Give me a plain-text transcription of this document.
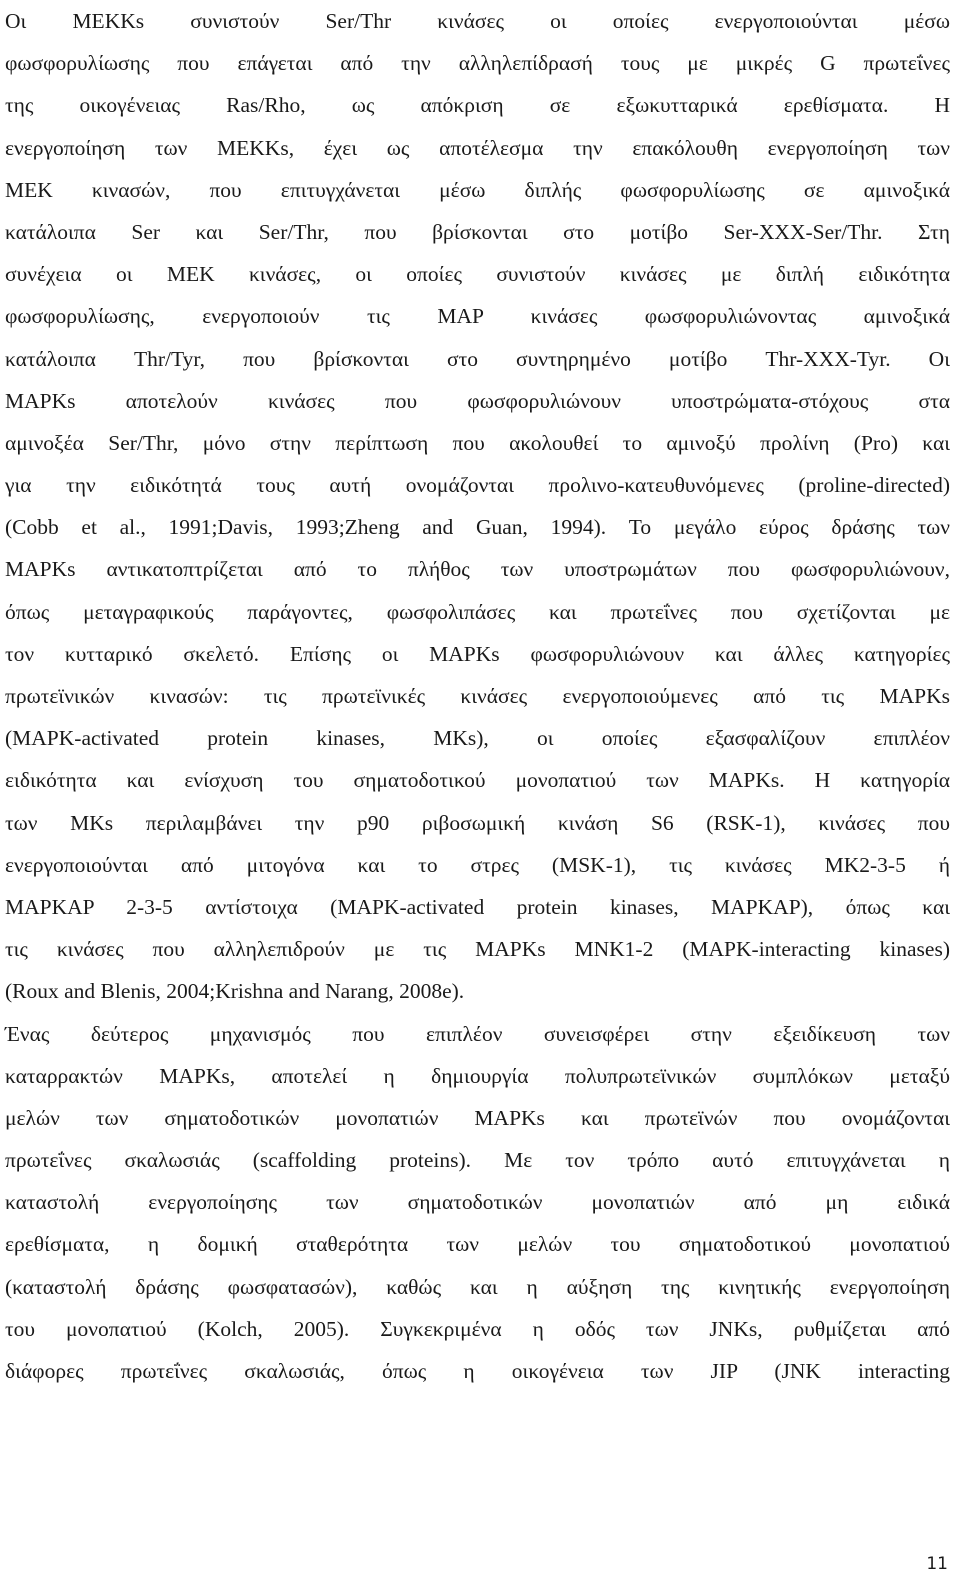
Οι MEKKs συνιστούν Ser/Thr κινάσες οι οποίες ενεργοποιούνται μέσω
φωσφορυλίωσης που επάγεται από την αλληλεπίδρασή τους με μικρές G πρωτεΐνες
της οικογένειας Ras/Rho, ως απόκριση σε εξωκυτταρικά ερεθίσματα. Η
ενεργοποίηση των MEKKs, έχει ως αποτέλεσμα την επακόλουθη ενεργοποίηση των
MEK κινασών, που επιτυγχάνεται μέσω διπλής φωσφορυλίωσης σε αμινοξικά
κατάλοιπα Ser και Ser/Thr, που βρίσκονται στο μοτίβο Ser-XXX-Ser/Thr. Στη
συνέχεια οι MEK κινάσες, οι οποίες συνιστούν κινάσες με διπλή ειδικότητα
φωσφορυλίωσης, ενεργοποιούν τις MAP κινάσες φωσφορυλιώνοντας αμινοξικά
κατάλοιπα Thr/Tyr, που βρίσκονται στο συντηρημένο μοτίβο Thr-XXX-Tyr. Οι
MAPKs αποτελούν κινάσες που φωσφορυλιώνουν υποστρώματα-στόχους στα
αμινοξέα Ser/Thr, μόνο στην περίπτωση που ακολουθεί το αμινοξύ προλίνη (Pro) και
για την ειδικότητά τους αυτή ονομάζονται προλινο-κατευθυνόμενες (proline-directed)
(Cobb et al., 1991;Davis, 1993;Zheng and Guan, 1994). Το μεγάλο εύρος δράσης των
MAPKs αντικατοπτρίζεται από το πλήθος των υποστρωμάτων που φωσφορυλιώνουν,
όπως μεταγραφικούς παράγοντες, φωσφολιπάσες και πρωτεΐνες που σχετίζονται με
τον κυτταρικό σκελετό. Επίσης οι MAPKs φωσφορυλιώνουν και άλλες κατηγορίες
πρωτεϊνικών κινασών: τις πρωτεϊνικές κινάσες ενεργοποιούμενες από τις MAPKs
(MAPK-activated protein kinases, MKs), οι οποίες εξασφαλίζουν επιπλέον
ειδικότητα και ενίσχυση του σηματοδοτικού μονοπατιού των MAPKs. Η κατηγορία
των MKs περιλαμβάνει την p90 ριβοσωμική κινάση S6 (RSK-1), κινάσες που
ενεργοποιούνται από μιτογόνα και το στρες (MSK-1), τις κινάσες MK2-3-5 ή
MAPKAP 2-3-5 αντίστοιχα (MAPK-activated protein kinases, MAPKAP), όπως και
τις κινάσες που αλληλεπιδρούν με τις MAPKs MNK1-2 (MAPK-interacting kinases)
(Roux and Blenis, 2004;Krishna and Narang, 2008e).
Ένας δεύτερος μηχανισμός που επιπλέον συνεισφέρει στην εξειδίκευση των
καταρρακτών MAPKs, αποτελεί η δημιουργία πολυπρωτεϊνικών συμπλόκων μεταξύ
μελών των σηματοδοτικών μονοπατιών MAPKs και πρωτεϊνών που ονομάζονται
πρωτεΐνες σκαλωσιάς (scaffolding proteins). Με τον τρόπο αυτό επιτυγχάνεται η
καταστολή ενεργοποίησης των σηματοδοτικών μονοπατιών από μη ειδικά
ερεθίσματα, η δομική σταθερότητα των μελών του σηματοδοτικού μονοπατιού
(καταστολή δράσης φωσφατασών), καθώς και η αύξηση της κινητικής ενεργοποίηση
του μονοπατιού (Kolch, 2005). Συγκεκριμένα η οδός των JNKs, ρυθμίζεται από
διάφορες πρωτεΐνες σκαλωσιάς, όπως η οικογένεια των JIP (JNK interacting
11
